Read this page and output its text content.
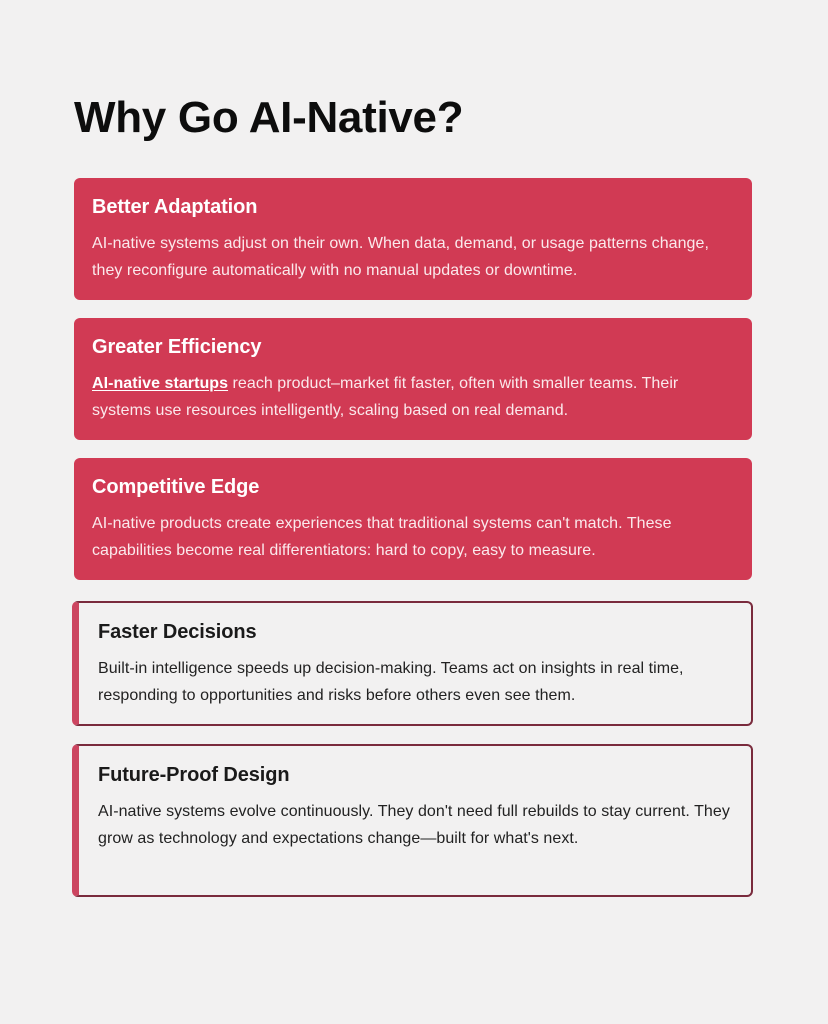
Why Go AI-Native?
Better Adaptation

AI-native systems adjust on their own. When data, demand, or usage patterns change, they reconfigure automatically with no manual updates or downtime.

Greater Efficiency

AI-native startups reach product–market fit faster, often with smaller teams. Their systems use resources intelligently, scaling based on real demand.

Competitive Edge

AI-native products create experiences that traditional systems can't match. These capabilities become real differentiators: hard to copy, easy to measure.

Faster Decisions

Built-in intelligence speeds up decision-making. Teams act on insights in real time, responding to opportunities and risks before others even see them.

Future-Proof Design

AI-native systems evolve continuously. They don't need full rebuilds to stay current. They grow as technology and expectations change—built for what's next.
